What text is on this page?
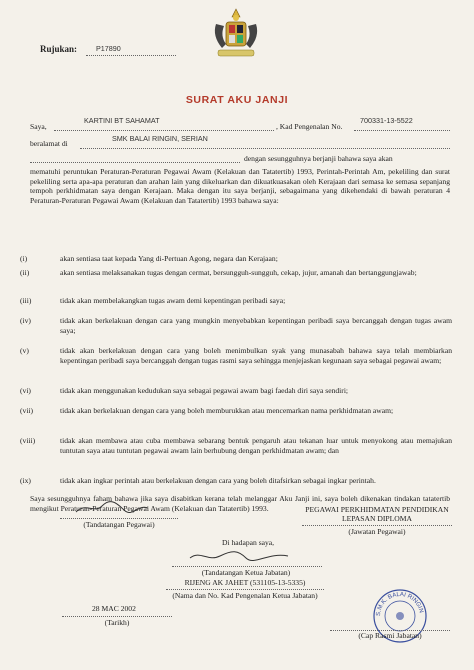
Rujukan:	P17890
SURAT AKU JANJI
Saya,
KARTINI BT SAHAMAT
, Kad Pengenalan No.
700331-13-5522
beralamat di
SMK BALAI RINGIN, SERIAN
dengan sesungguhnya berjanji bahawa saya akan
mematuhi peruntukan Peraturan-Peraturan Pegawai Awam (Kelakuan dan Tatatertib) 1993, Perintah-Perintah Am, pekeliling dan surat pekeliling serta apa-apa peraturan dan arahan lain yang dikeluarkan dan dikuatkuasakan oleh Kerajaan dari semasa ke semasa sepanjang tempoh perkhidmatan saya dengan Kerajaan. Maka dengan itu saya berjanji, sebagaimana yang dikehendaki di bawah peraturan 4 Peraturan-Peraturan Pegawai Awam (Kelakuan dan Tatatertib) 1993 bahawa saya:
(i)	akan sentiasa taat kepada Yang di-Pertuan Agong, negara dan Kerajaan;
(ii)	akan sentiasa melaksanakan tugas dengan cermat, bersungguh-sungguh, cekap, jujur, amanah dan bertanggungjawab;
(iii)	tidak akan membelakangkan tugas awam demi kepentingan peribadi saya;
(iv)	tidak akan berkelakuan dengan cara yang mungkin menyebabkan kepentingan peribadi saya bercanggah dengan tugas awam saya;
(v)	tidak akan berkelakuan dengan cara yang boleh menimbulkan syak yang munasabah bahawa saya telah membiarkan kepentingan peribadi saya bercanggah dengan tugas rasmi saya sehingga menjejaskan kegunaan saya sebagai pegawai awam;
(vi)	tidak akan menggunakan kedudukan saya sebagai pegawai awam bagi faedah diri saya sendiri;
(vii)	tidak akan berkelakuan dengan cara yang boleh memburukkan atau mencemarkan nama perkhidmatan awam;
(viii)	tidak akan membawa atau cuba membawa sebarang bentuk pengaruh atau tekanan luar untuk menyokong atau memajukan tuntutan saya atau tuntutan pegawai awam lain berhubung dengan perkhidmatan awam; dan
(ix)	tidak akan ingkar perintah atau berkelakuan dengan cara yang boleh ditafsirkan sebagai ingkar perintah.
Saya sesungguhnya faham bahawa jika saya disabitkan kerana telah melanggar Aku Janji ini, saya boleh dikenakan tindakan tatatertib mengikut Peraturan-Peraturan Pegawai Awam (Kelakuan dan Tatatertib) 1993.
(Tandatangan Pegawai)
PEGAWAI PERKHIDMATAN PENDIDIKAN
LEPASAN DIPLOMA
(Jawatan Pegawai)
Di hadapan saya,
(Tandatangan Ketua Jabatan)
RIJENG AK JAHET (531105-13-5335)
(Nama dan No. Kad Pengenalan Ketua Jabatan)
28 MAC 2002
(Tarikh)
S.M.K. BALAI RINGIN
(Cap Rasmi Jabatan)
